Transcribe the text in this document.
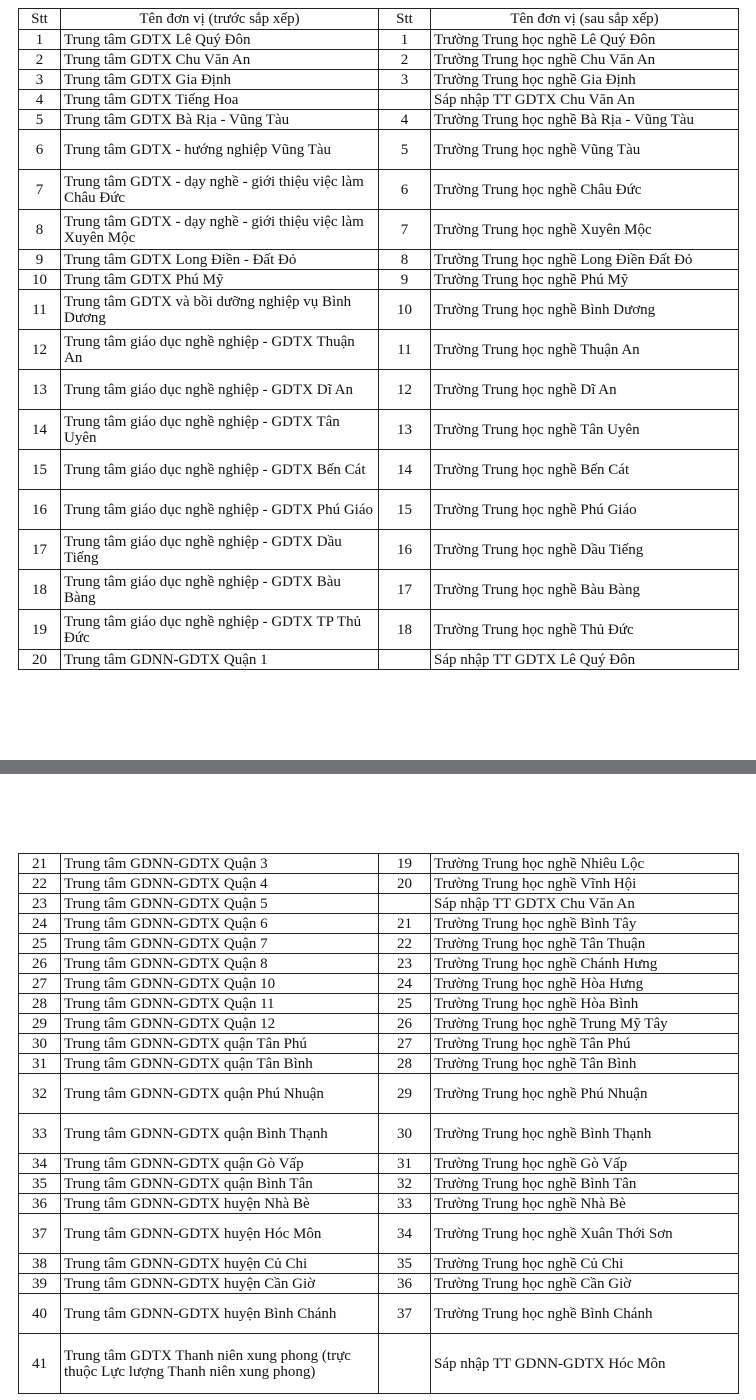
Stt	Tên đơn vị (trước sắp xếp)	Stt	Tên đơn vị (sau sắp xếp)
1	Trung tâm GDTX Lê Quý Đôn	1	Trường Trung học nghề Lê Quý Đôn
2	Trung tâm GDTX Chu Văn An	2	Trường Trung học nghề Chu Văn An
3	Trung tâm GDTX Gia Định	3	Trường Trung học nghề Gia Định
4	Trung tâm GDTX Tiếng Hoa		Sáp nhập TT GDTX Chu Văn An
5	Trung tâm GDTX Bà Rịa - Vũng Tàu	4	Trường Trung học nghề Bà Rịa - Vũng Tàu
6	Trung tâm GDTX - hướng nghiệp Vũng Tàu	5	Trường Trung học nghề Vũng Tàu
7	Trung tâm GDTX - dạy nghề - giới thiệu việc làm Châu Đức	6	Trường Trung học nghề Châu Đức
8	Trung tâm GDTX - dạy nghề - giới thiệu việc làm Xuyên Mộc	7	Trường Trung học nghề Xuyên Mộc
9	Trung tâm GDTX Long Điền - Đất Đỏ	8	Trường Trung học nghề Long Điền Đất Đỏ
10	Trung tâm GDTX Phú Mỹ	9	Trường Trung học nghề Phú Mỹ
11	Trung tâm GDTX và bồi dưỡng nghiệp vụ Bình Dương	10	Trường Trung học nghề Bình Dương
12	Trung tâm giáo dục nghề nghiệp - GDTX Thuận An	11	Trường Trung học nghề Thuận An
13	Trung tâm giáo dục nghề nghiệp - GDTX Dĩ An	12	Trường Trung học nghề Dĩ An
14	Trung tâm giáo dục nghề nghiệp - GDTX Tân Uyên	13	Trường Trung học nghề Tân Uyên
15	Trung tâm giáo dục nghề nghiệp - GDTX Bến Cát	14	Trường Trung học nghề Bến Cát
16	Trung tâm giáo dục nghề nghiệp - GDTX Phú Giáo	15	Trường Trung học nghề Phú Giáo
17	Trung tâm giáo dục nghề nghiệp - GDTX Dầu Tiếng	16	Trường Trung học nghề Dầu Tiếng
18	Trung tâm giáo dục nghề nghiệp - GDTX Bàu Bàng	17	Trường Trung học nghề Bàu Bàng
19	Trung tâm giáo dục nghề nghiệp - GDTX TP Thủ Đức	18	Trường Trung học nghề Thủ Đức
20	Trung tâm GDNN-GDTX Quận 1		Sáp nhập TT GDTX Lê Quý Đôn
21	Trung tâm GDNN-GDTX Quận 3	19	Trường Trung học nghề Nhiêu Lộc
22	Trung tâm GDNN-GDTX Quận 4	20	Trường Trung học nghề Vĩnh Hội
23	Trung tâm GDNN-GDTX Quận 5		Sáp nhập TT GDTX Chu Văn An
24	Trung tâm GDNN-GDTX Quận 6	21	Trường Trung học nghề Bình Tây
25	Trung tâm GDNN-GDTX Quận 7	22	Trường Trung học nghề Tân Thuận
26	Trung tâm GDNN-GDTX Quận 8	23	Trường Trung học nghề Chánh Hưng
27	Trung tâm GDNN-GDTX Quận 10	24	Trường Trung học nghề Hòa Hưng
28	Trung tâm GDNN-GDTX Quận 11	25	Trường Trung học nghề Hòa Bình
29	Trung tâm GDNN-GDTX Quận 12	26	Trường Trung học nghề Trung Mỹ Tây
30	Trung tâm GDNN-GDTX quận Tân Phú	27	Trường Trung học nghề Tân Phú
31	Trung tâm GDNN-GDTX quận Tân Bình	28	Trường Trung học nghề Tân Bình
32	Trung tâm GDNN-GDTX quận Phú Nhuận	29	Trường Trung học nghề Phú Nhuận
33	Trung tâm GDNN-GDTX quận Bình Thạnh	30	Trường Trung học nghề Bình Thạnh
34	Trung tâm GDNN-GDTX quận Gò Vấp	31	Trường Trung học nghề Gò Vấp
35	Trung tâm GDNN-GDTX quận Bình Tân	32	Trường Trung học nghề Bình Tân
36	Trung tâm GDNN-GDTX huyện Nhà Bè	33	Trường Trung học nghề Nhà Bè
37	Trung tâm GDNN-GDTX huyện Hóc Môn	34	Trường Trung học nghề Xuân Thới Sơn
38	Trung tâm GDNN-GDTX huyện Củ Chi	35	Trường Trung học nghề Củ Chi
39	Trung tâm GDNN-GDTX huyện Cần Giờ	36	Trường Trung học nghề Cần Giờ
40	Trung tâm GDNN-GDTX huyện Bình Chánh	37	Trường Trung học nghề Bình Chánh
41	Trung tâm GDTX Thanh niên xung phong (trực thuộc Lực lượng Thanh niên xung phong)		Sáp nhập TT GDNN-GDTX Hóc Môn
